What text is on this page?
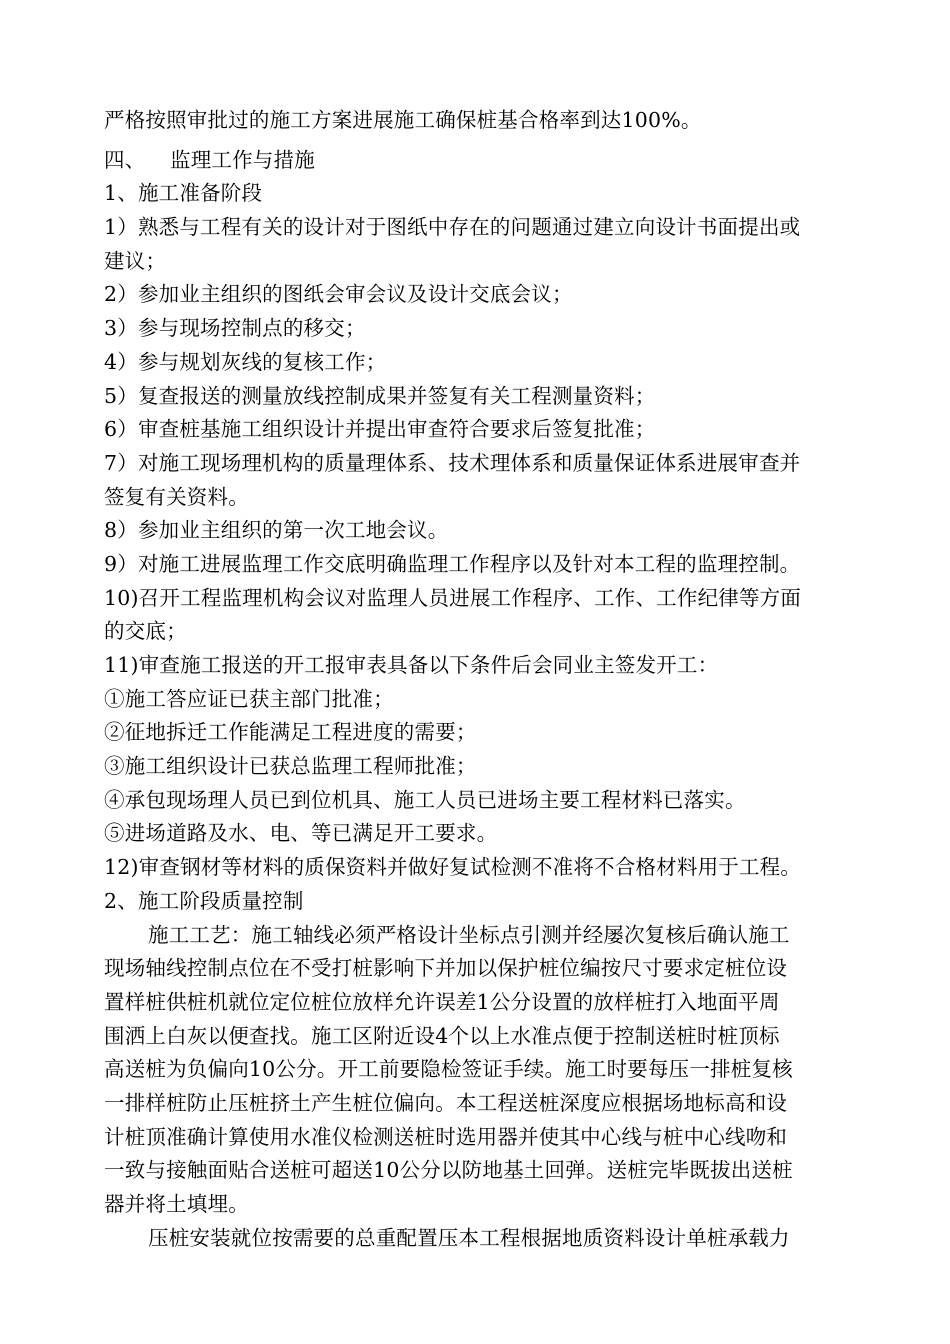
严格按照审批过的施工方案进展施工确保桩基合格率到达100%。
四、 监理工作与措施
1、施工准备阶段
1）熟悉与工程有关的设计对于图纸中存在的问题通过建立向设计书面提出或
建议；
2）参加业主组织的图纸会审会议及设计交底会议；
3）参与现场控制点的移交；
4）参与规划灰线的复核工作；
5）复查报送的测量放线控制成果并签复有关工程测量资料；
6）审查桩基施工组织设计并提出审查符合要求后签复批准；
7）对施工现场理机构的质量理体系、技术理体系和质量保证体系进展审查并
签复有关资料。
8）参加业主组织的第一次工地会议。
9）对施工进展监理工作交底明确监理工作程序以及针对本工程的监理控制。
10)召开工程监理机构会议对监理人员进展工作程序、工作、工作纪律等方面
的交底；
11)审查施工报送的开工报审表具备以下条件后会同业主签发开工：
①施工答应证已获主部门批准；
②征地拆迁工作能满足工程进度的需要；
③施工组织设计已获总监理工程师批准；
④承包现场理人员已到位机具、施工人员已进场主要工程材料已落实。
⑤进场道路及水、电、等已满足开工要求。
12)审查钢材等材料的质保资料并做好复试检测不准将不合格材料用于工程。
2、施工阶段质量控制
施工工艺：施工轴线必须严格设计坐标点引测并经屡次复核后确认施工
现场轴线控制点位在不受打桩影响下并加以保护桩位编按尺寸要求定桩位设
置样桩供桩机就位定位桩位放样允许误差1公分设置的放样桩打入地面平周
围洒上白灰以便查找。施工区附近设4个以上水准点便于控制送桩时桩顶标
高送桩为负偏向10公分。开工前要隐检签证手续。施工时要每压一排桩复核
一排样桩防止压桩挤土产生桩位偏向。本工程送桩深度应根据场地标高和设
计桩顶准确计算使用水准仪检测送桩时选用器并使其中心线与桩中心线吻和
一致与接触面贴合送桩可超送10公分以防地基土回弹。送桩完毕既拔出送桩
器并将土填埋。
压桩安装就位按需要的总重配置压本工程根据地质资料设计单桩承载力
